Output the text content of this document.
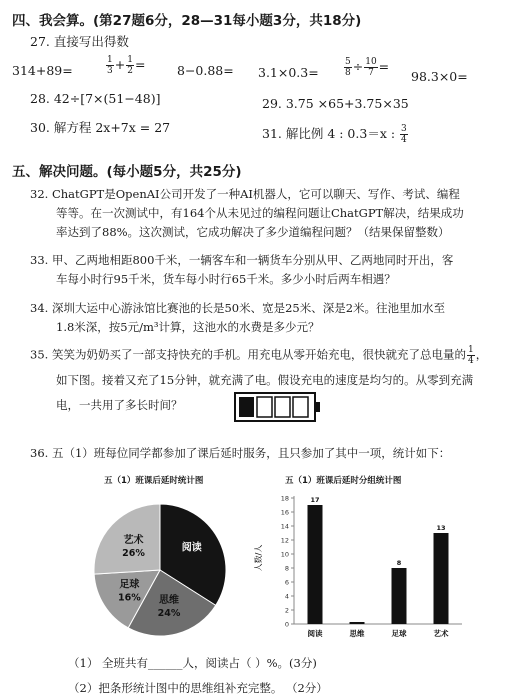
四、我会算。(第27题6分，28—31每小题3分，共18分)
27. 直接写出得数
314+89=	$\frac{1}{3} + \frac{1}{2}$ =	8−0.88= 3.1×0.3=	$\frac{5}{8} \div \frac{10}{7}$ =
98.3×0=
28. 42÷[7×(51−48)]	29. 3.75 ×65+3.75×35
30. 解方程 2x+7x = 27	31. 解比例 4 : 0.3＝x : $\frac{3}{4}$
五、解决问题。(每小题5分，共25分)
32. ChatGPT是OpenAI公司开发了一种AI机器人，它可以聊天、写作、考试、编程
等等。在一次测试中，有164个从未见过的编程问题让ChatGPT解决，结果成功
率达到了88%。这次测试，它成功解决了多少道编程问题？（结果保留整数）
33. 甲、乙两地相距800千米，一辆客车和一辆货车分别从甲、乙两地同时开出，客
车每小时行95千米，货车每小时行65千米。多少小时后两车相遇？
34. 深圳大运中心游泳馆比赛池的长是50米、宽是25米、深是2米。往池里加水至
1.8米深，按5元/m³计算，这池水的水费是多少元？
35. 笑笑为奶奶买了一部支持快充的手机。用充电从零开始充电，很快就充了总电量的 $\frac{1}{4}$ ，
如下图。接着又充了15分钟，就充满了电。假设充电的速度是均匀的。从零到充满
电，一共用了多长时间？
36. 五（1）班每位同学都参加了课后延时服务，且只参加了其中一项，统计如下：
五（1）班课后延时统计图
阅读
思维
24%
足球
16%
艺术
26%
五（1）班课后延时分组统计图
人数/人
0
2
4
6
8
10
12
14
16
18	17
阅读	思维
8
足球
13
艺术
（1） 全班共有______人，阅读占（ ）%。(3分)
（2）把条形统计图中的思维组补充完整。 （2分）
